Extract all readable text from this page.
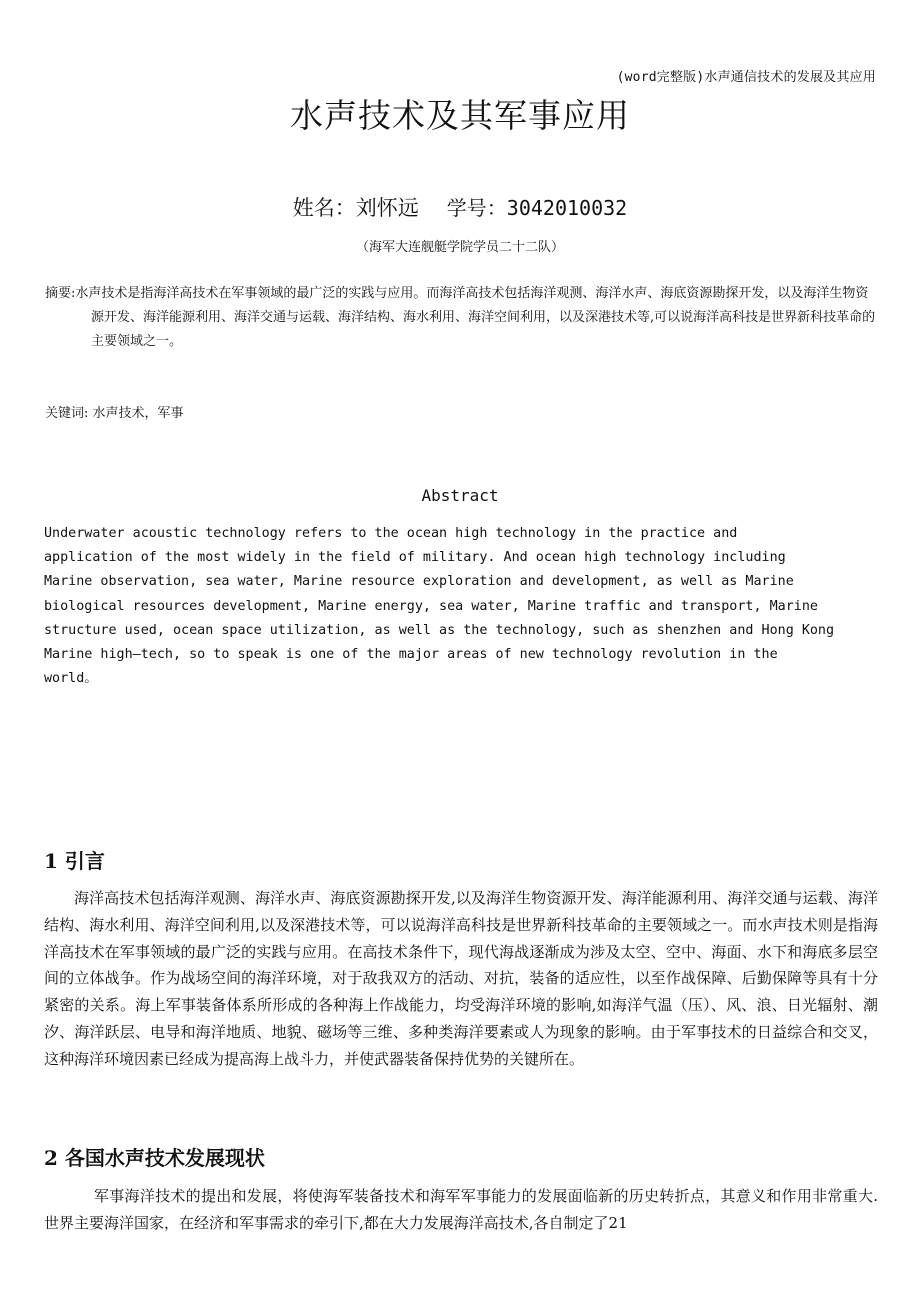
(word完整版)水声通信技术的发展及其应用
水声技术及其军事应用
姓名：刘怀远 学号：3042010032
（海军大连舰艇学院学员二十二队）
摘要:水声技术是指海洋高技术在军事领域的最广泛的实践与应用。而海洋高技术包括海洋观测、海洋水声、海底资源勘探开发，以及海洋生物资源开发、海洋能源利用、海洋交通与运载、海洋结构、海水利用、海洋空间利用，以及深港技术等,可以说海洋高科技是世界新科技革命的主要领域之一。
关键词: 水声技术，军事
Abstract
Underwater acoustic technology refers to the ocean high technology in the practice and
application of the most widely in the field of military. And ocean high technology including
Marine observation, sea water, Marine resource exploration and development, as well as Marine
biological resources development, Marine energy, sea water, Marine traffic and transport, Marine
structure used, ocean space utilization, as well as the technology, such as shenzhen and Hong Kong
Marine high—tech, so to speak is one of the major areas of new technology revolution in the
world。
1 引言
海洋高技术包括海洋观测、海洋水声、海底资源勘探开发,以及海洋生物资源开发、海洋能源利用、海洋交通与运载、海洋结构、海水利用、海洋空间利用,以及深港技术等，可以说海洋高科技是世界新科技革命的主要领域之一。而水声技术则是指海洋高技术在军事领域的最广泛的实践与应用。在高技术条件下，现代海战逐渐成为涉及太空、空中、海面、水下和海底多层空间的立体战争。作为战场空间的海洋环境，对于敌我双方的活动、对抗，装备的适应性，以至作战保障、后勤保障等具有十分紧密的关系。海上军事装备体系所形成的各种海上作战能力，均受海洋环境的影响,如海洋气温（压）、风、浪、日光辐射、潮汐、海洋跃层、电导和海洋地质、地貌、磁场等三维、多种类海洋要素或人为现象的影响。由于军事技术的日益综合和交叉，这种海洋环境因素已经成为提高海上战斗力，并使武器装备保持优势的关键所在。
2 各国水声技术发展现状
军事海洋技术的提出和发展，将使海军装备技术和海军军事能力的发展面临新的历史转折点，其意义和作用非常重大.世界主要海洋国家，在经济和军事需求的牵引下,都在大力发展海洋高技术,各自制定了21
